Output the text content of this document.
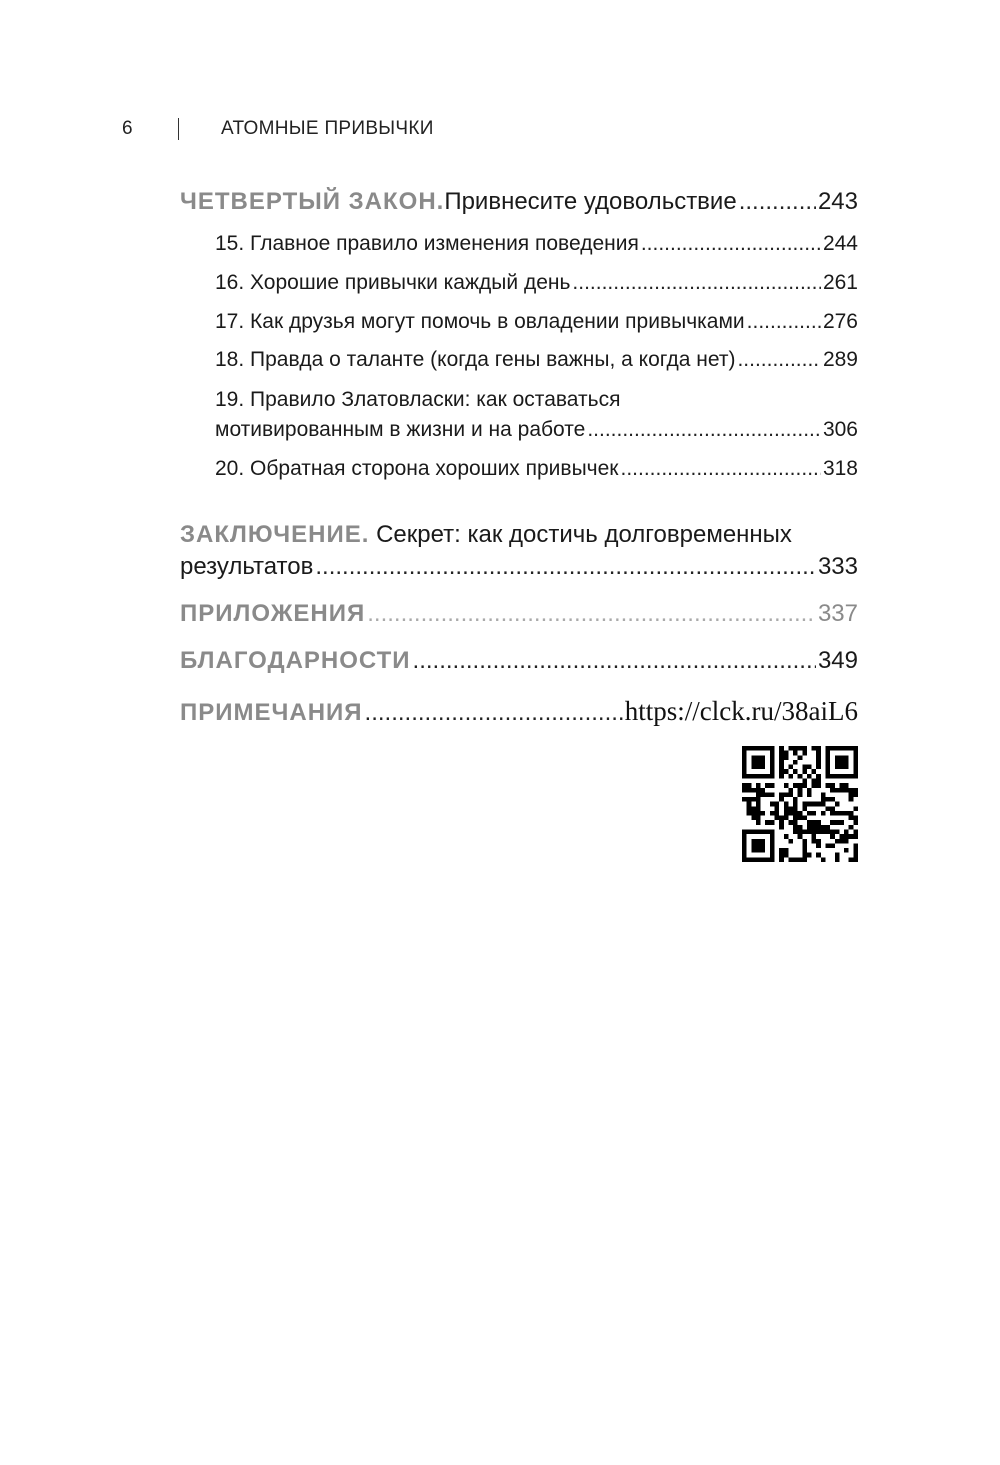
6	АТОМНЫЕ ПРИВЫЧКИ
ЧЕТВЕРТЫЙ ЗАКОН. Привнесите удовольствие .....	243
15. Главное правило изменения поведения .....	244
16. Хорошие привычки каждый день .....	261
17. Как друзья могут помочь в овладении привычками .....	276
18. Правда о таланте (когда гены важны, а когда нет) .....	289
19. Правило Златовласки: как оставаться
мотивированным в жизни и на работе .....	306
20. Обратная сторона хороших привычек .....	318
ЗАКЛЮЧЕНИЕ. Секрет: как достичь долговременных
результатов .....	333
ПРИЛОЖЕНИЯ .....	337
БЛАГОДАРНОСТИ .....	349
ПРИМЕЧАНИЯ .....	https://clck.ru/38aiL6
